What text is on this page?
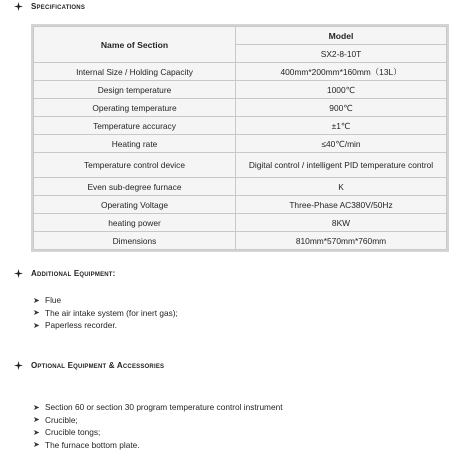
Specifications
Name of Section	Model
	SX2-8-10T
Internal Size / Holding Capacity	400mm*200mm*160mm（13L）
Design temperature	1000℃
Operating temperature	900℃
Temperature accuracy	±1℃
Heating rate	≤40℃/min
Temperature control device	Digital control / intelligent PID temperature control
Even sub-degree furnace	K
Operating Voltage	Three-Phase AC380V/50Hz
heating power	8KW
Dimensions	810mm*570mm*760mm
Additional Equipment:
➤ Flue
➤ The air intake system (for inert gas);
➤ Paperless recorder.
Optional Equipment & Accessories
➤ Section 60 or section 30 program temperature control instrument
➤ Crucible;
➤ Crucible tongs;
➤ The furnace bottom plate.
